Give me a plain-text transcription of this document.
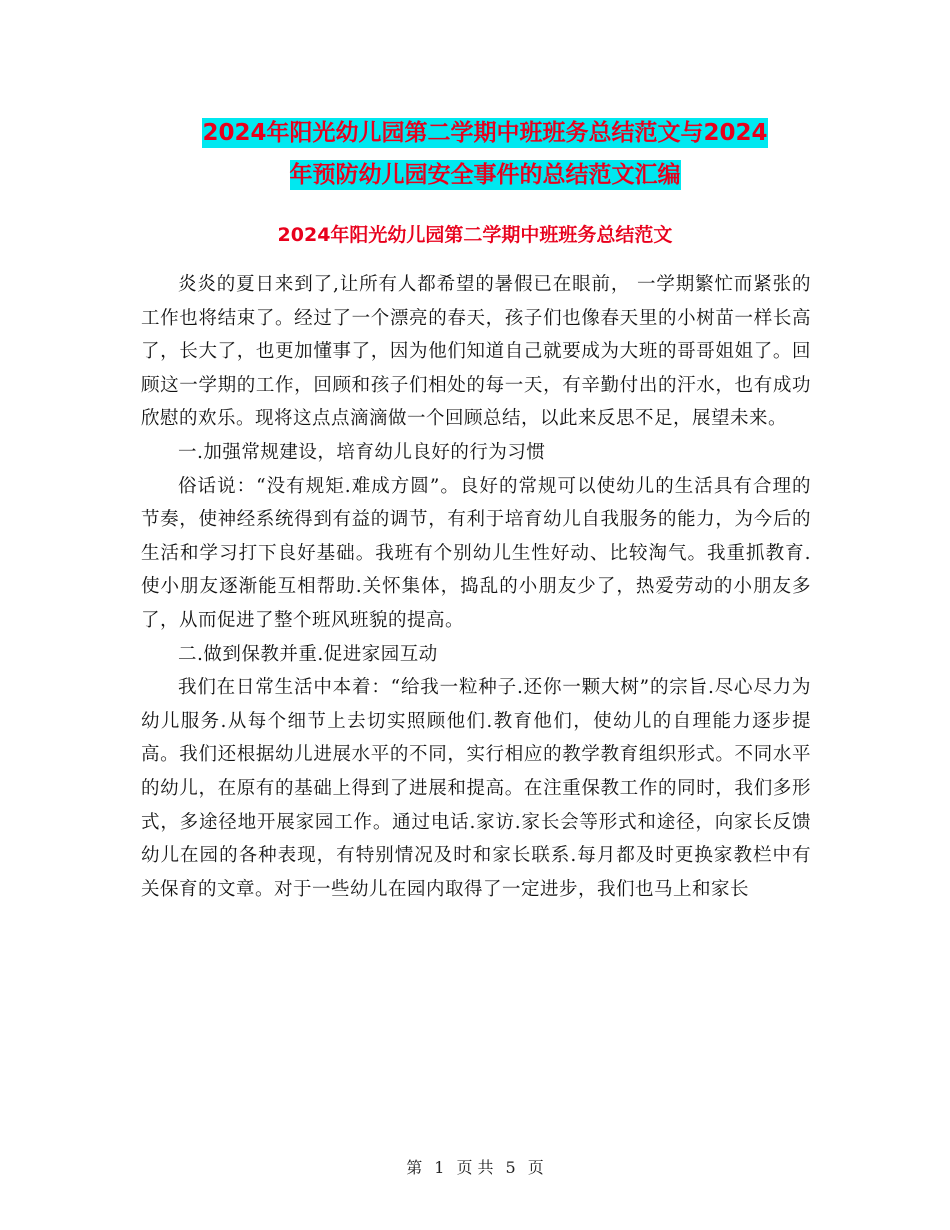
2024年阳光幼儿园第二学期中班班务总结范文与2024
年预防幼儿园安全事件的总结范文汇编
2024年阳光幼儿园第二学期中班班务总结范文

炎炎的夏日来到了,让所有人都希望的暑假已在眼前， 一学期繁忙而紧张的工作也将结束了。经过了一个漂亮的春天，孩子们也像春天里的小树苗一样长高了，长大了，也更加懂事了，因为他们知道自己就要成为大班的哥哥姐姐了。回顾这一学期的工作，回顾和孩子们相处的每一天，有辛勤付出的汗水，也有成功欣慰的欢乐。现将这点点滴滴做一个回顾总结，以此来反思不足，展望未来。

一.加强常规建设，培育幼儿良好的行为习惯

俗话说：“没有规矩.难成方圆”。良好的常规可以使幼儿的生活具有合理的节奏，使神经系统得到有益的调节，有利于培育幼儿自我服务的能力，为今后的生活和学习打下良好基础。我班有个别幼儿生性好动、比较淘气。我重抓教育.使小朋友逐渐能互相帮助.关怀集体，捣乱的小朋友少了，热爱劳动的小朋友多了，从而促进了整个班风班貌的提高。

二.做到保教并重.促进家园互动

我们在日常生活中本着：“给我一粒种子.还你一颗大树”的宗旨.尽心尽力为幼儿服务.从每个细节上去切实照顾他们.教育他们，使幼儿的自理能力逐步提高。我们还根据幼儿进展水平的不同，实行相应的教学教育组织形式。不同水平的幼儿，在原有的基础上得到了进展和提高。在注重保教工作的同时，我们多形式，多途径地开展家园工作。通过电话.家访.家长会等形式和途径，向家长反馈幼儿在园的各种表现，有特别情况及时和家长联系.每月都及时更换家教栏中有关保育的文章。对于一些幼儿在园内取得了一定进步，我们也马上和家长

第 1 页 共 5 页
